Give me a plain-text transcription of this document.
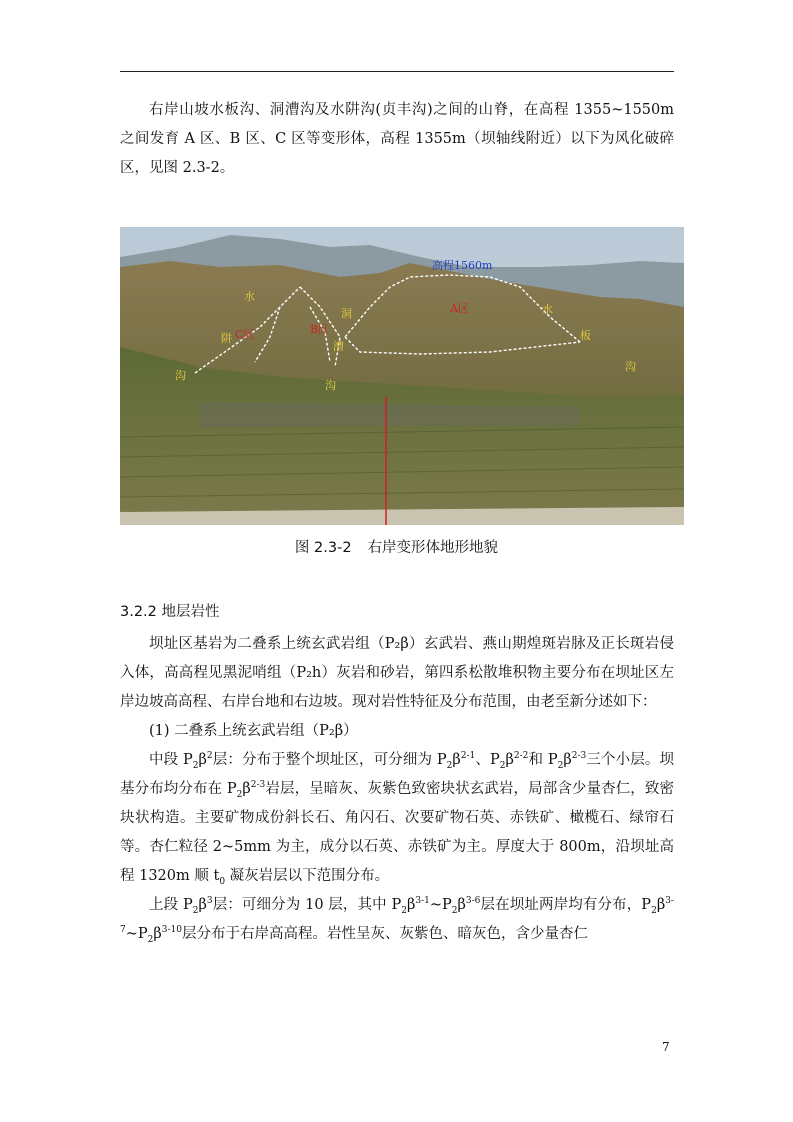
右岸山坡水板沟、洞漕沟及水阱沟(贞丰沟)之间的山脊，在高程 1355~1550m 之间发育 A 区、B 区、C 区等变形体，高程 1355m（坝轴线附近）以下为风化破碎区，见图 2.3-2。

高程1560m
A区
B区
C区
水
阱
沟
洞
漕
沟
水
板
沟
图 2.3-2 右岸变形体地形地貌
3.2.2 地层岩性

坝址区基岩为二叠系上统玄武岩组（P₂β）玄武岩、燕山期煌斑岩脉及正长斑岩侵入体，高高程见黑泥哨组（P₂h）灰岩和砂岩，第四系松散堆积物主要分布在坝址区左岸边坡高高程、右岸台地和右边坡。现对岩性特征及分布范围，由老至新分述如下：

(1) 二叠系上统玄武岩组（P₂β）

中段 $P_2\beta^2$层：分布于整个坝址区，可分细为 $P_2\beta^{2-1}$、$P_2\beta^{2-2}$和 $P_2\beta^{2-3}$三个小层。坝基分布均分布在 $P_2\beta^{2-3}$岩层，呈暗灰、灰紫色致密块状玄武岩，局部含少量杏仁，致密块状构造。主要矿物成份斜长石、角闪石、次要矿物石英、赤铁矿、橄榄石、绿帘石等。杏仁粒径 2~5mm 为主，成分以石英、赤铁矿为主。厚度大于 800m，沿坝址高程 1320m 顺 $t_0$ 凝灰岩层以下范围分布。

上段 $P_2\beta^3$层：可细分为 10 层，其中 $P_2\beta^{3-1}\sim P_2\beta^{3-6}$层在坝址两岸均有分布，$P_2\beta^{3-7}\sim P_2\beta^{3-10}$层分布于右岸高高程。岩性呈灰、灰紫色、暗灰色，含少量杏仁

7
